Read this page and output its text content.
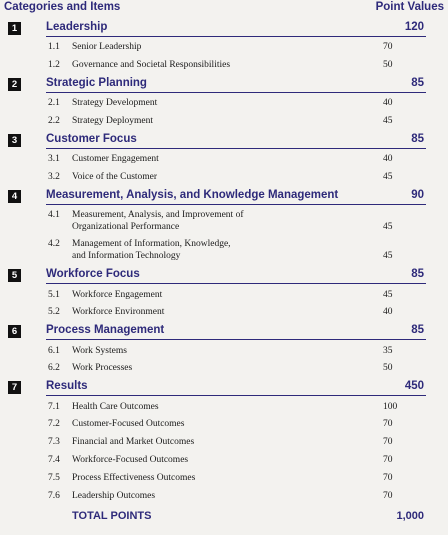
Categories and Items	Point Values
1	Leadership	120
1.1 Senior Leadership	70
1.2 Governance and Societal Responsibilities	50
2	Strategic Planning	85
2.1 Strategy Development	40
2.2 Strategy Deployment	45
3	Customer Focus	85
3.1 Customer Engagement	40
3.2 Voice of the Customer	45
4	Measurement, Analysis, and Knowledge Management	90
4.1 Measurement, Analysis, and Improvement of
Organizational Performance	45
4.2 Management of Information, Knowledge,
and Information Technology	45
5	Workforce Focus	85
5.1 Workforce Engagement	45
5.2 Workforce Environment	40
6	Process Management	85
6.1 Work Systems	35
6.2 Work Processes	50
7	Results	450
7.1 Health Care Outcomes	100
7.2 Customer-Focused Outcomes	70
7.3 Financial and Market Outcomes	70
7.4 Workforce-Focused Outcomes	70
7.5 Process Effectiveness Outcomes	70
7.6 Leadership Outcomes	70
TOTAL POINTS	1,000
